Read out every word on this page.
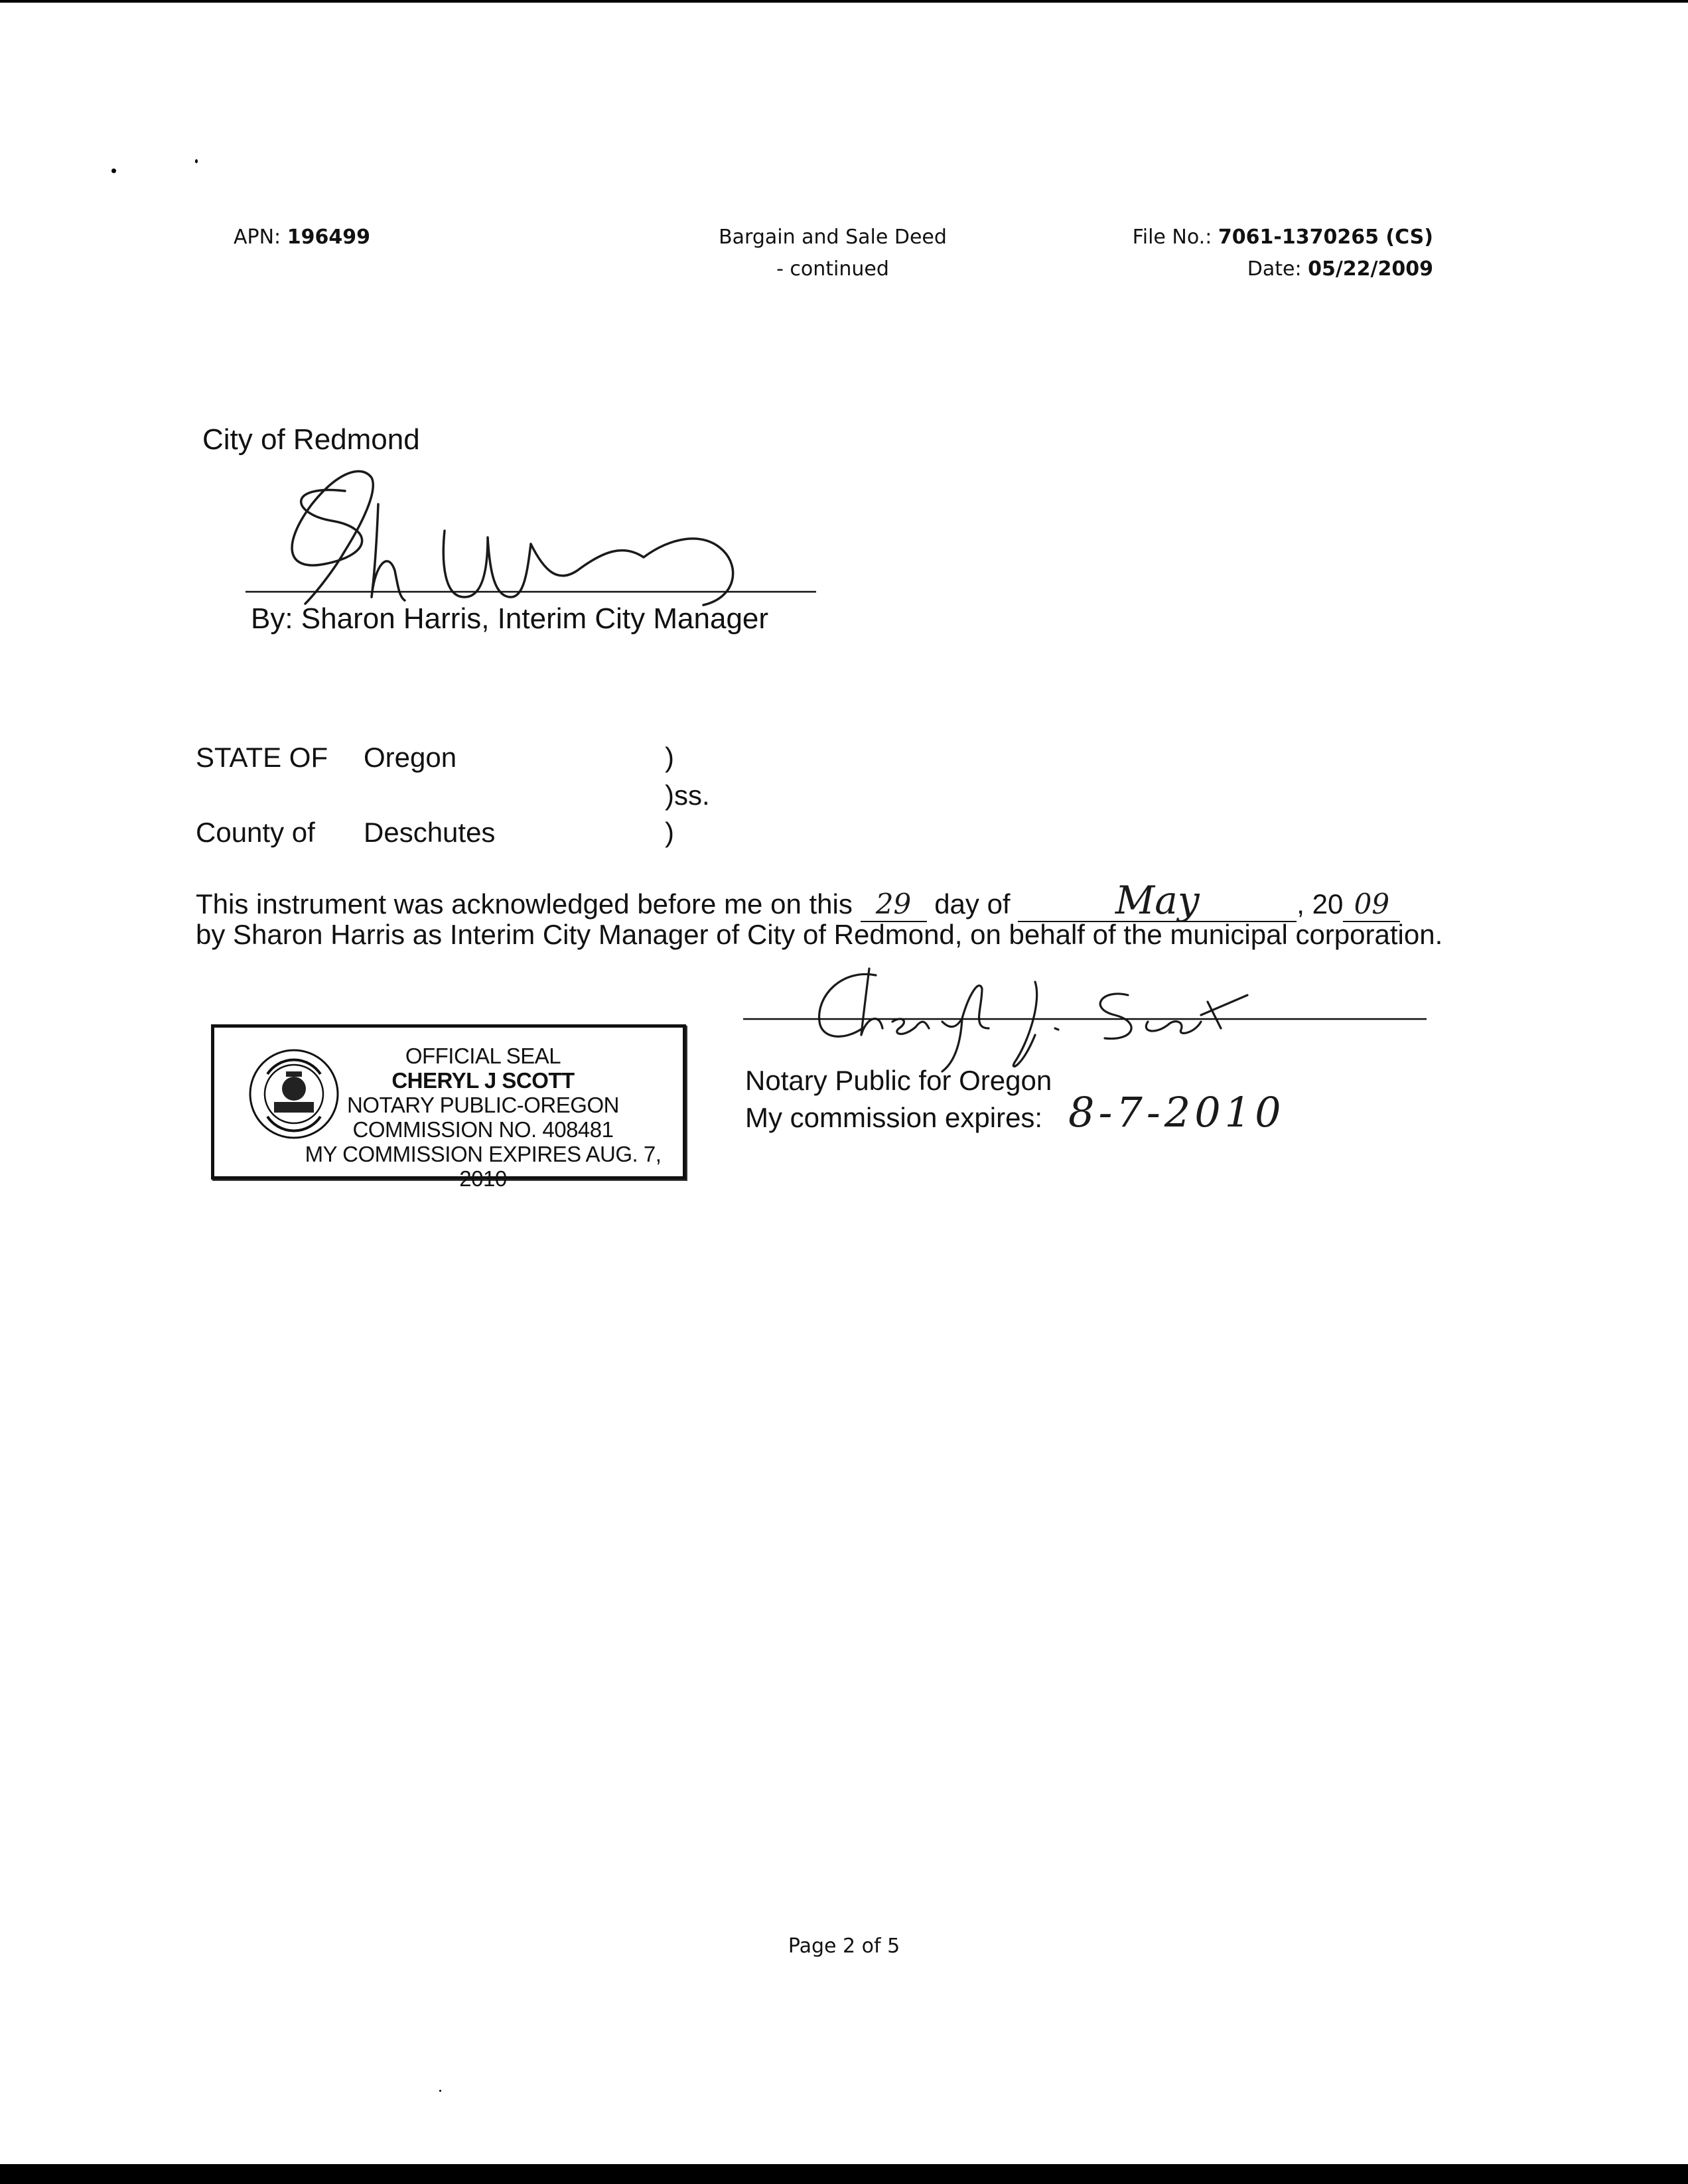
APN: 196499	Bargain and Sale Deed
- continued
File No.: 7061-1370265 (CS)
Date: 05/22/2009
City of Redmond
By: Sharon Harris, Interim City Manager
STATE OF Oregon	)
)ss.
County of Deschutes	)
This instrument was acknowledged before me on this 29 day of	May	, 20 09
by Sharon Harris as Interim City Manager of City of Redmond, on behalf of the municipal corporation.
Notary Public for Oregon
My commission expires: 8-7-2010
OFFICIAL SEAL
CHERYL J SCOTT
NOTARY PUBLIC-OREGON
COMMISSION NO. 408481
MY COMMISSION EXPIRES AUG. 7, 2010
Page 2 of 5
